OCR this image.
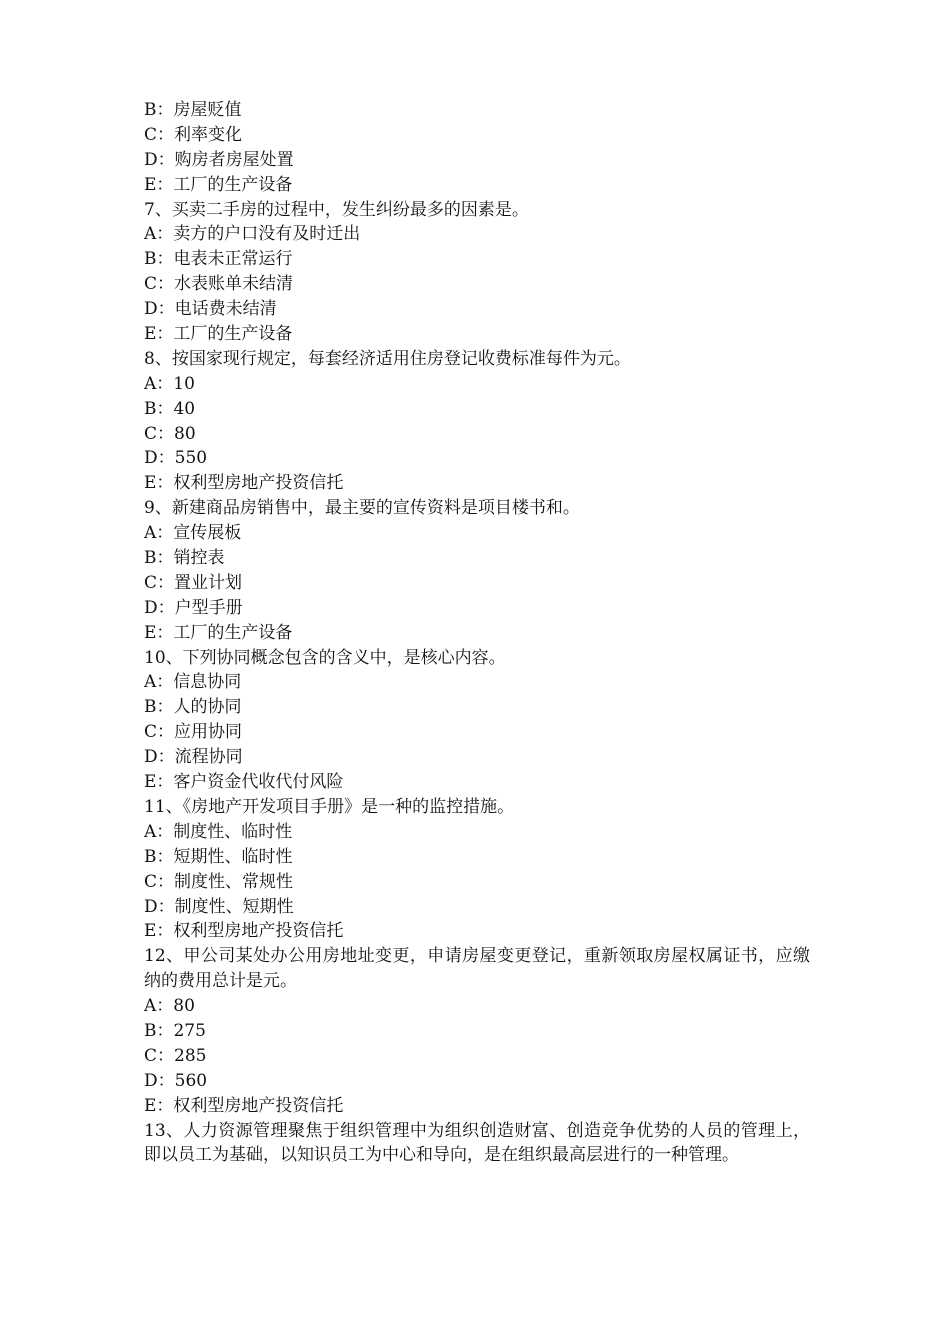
B：房屋贬值
C：利率变化
D：购房者房屋处置
E：工厂的生产设备
7、买卖二手房的过程中，发生纠纷最多的因素是。
A：卖方的户口没有及时迁出
B：电表未正常运行
C：水表账单未结清
D：电话费未结清
E：工厂的生产设备
8、按国家现行规定，每套经济适用住房登记收费标准每件为元。
A：10
B：40
C：80
D：550
E：权利型房地产投资信托
9、新建商品房销售中，最主要的宣传资料是项目楼书和。
A：宣传展板
B：销控表
C：置业计划
D：户型手册
E：工厂的生产设备
10、下列协同概念包含的含义中，是核心内容。
A：信息协同
B：人的协同
C：应用协同
D：流程协同
E：客户资金代收代付风险
11、《房地产开发项目手册》是一种的监控措施。
A：制度性、临时性
B：短期性、临时性
C：制度性、常规性
D：制度性、短期性
E：权利型房地产投资信托
12、甲公司某处办公用房地址变更，申请房屋变更登记，重新领取房屋权属证书，应缴纳的费用总计是元。
A：80
B：275
C：285
D：560
E：权利型房地产投资信托
13、人力资源管理聚焦于组织管理中为组织创造财富、创造竞争优势的人员的管理上，即以员工为基础，以知识员工为中心和导向，是在组织最高层进行的一种管理。
